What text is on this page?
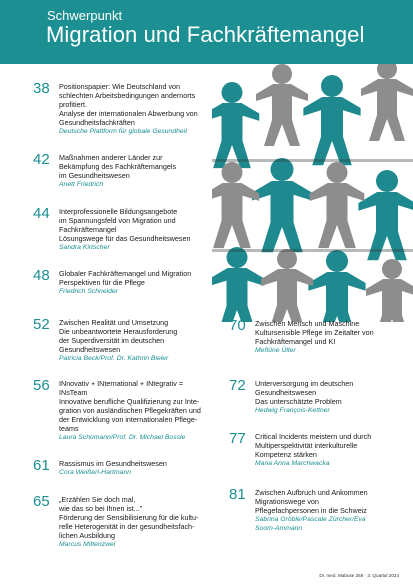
Schwerpunkt
Migration und Fachkräftemangel
38 Positionspapier: Wie Deutschland von
schlechten Arbeitsbedingungen andernorts
profitiert.
Analyse der internationalen Abwerbung von
Gesundheitsfachkräften
Deutsche Plattform für globale Gesundheit
42 Maßnahmen anderer Länder zur
Bekämpfung des Fachkräftemangels
im Gesundheitswesen
Anett Friedrich
44 Interprofessionelle Bildungsangebote
im Spannungsfeld von Migration und
Fachkräftemangel
Lösungswege für das Gesundheitswesen
Sandra Kirtscher
48 Globaler Fachkräftemangel und Migration
Perspektiven für die Pflege
Friedrich Schneider
52 Zwischen Realität und Umsetzung
Die unbeantwortete Herausforderung
der Superdiversität im deutschen
Gesundheitswesen
Patricia Beck/Prof. Dr. Kathrin Bieler
56 INnovativ + INternational + INtegrativ =
INsTeam
Innovative berufliche Qualifizierung zur Inte-
gration von ausländischen Pflegekräften und
der Entwicklung von internationalen Pflege-
teams
Laura Schümann/Prof. Dr. Michael Bossle
61 Rassismus im Gesundheitswesen
Cora Weißerl-Hartmann
65 „Erzählen Sie doch mal,
wie das so bei Ihnen ist..."
Förderung der Sensibilisierung für die kultu-
relle Heterogenität in der gesundheitsfach-
lichen Ausbildung
Marcus Mittenzwei
70 Zwischen Mensch und Maschine
Kultursensible Pflege im Zeitalter von
Fachkräftemangel und KI
Meftüne Ülter
72 Unterversorgung im deutschen
Gesundheitswesen
Das unterschätzte Problem
Hedwig François-Kettner
77 Critical Incidents meistern und durch
Multiperspektivität interkulturelle
Kompetenz stärken
Maria Anna Marchwacka
81 Zwischen Aufbruch und Ankommen
Migrationswege von
Pflegefachpersonen in die Schweiz
Sabrina Gröble/Pascale Zürcher/Eva
Soom-Ammann
Dr. med. Mabuse 269 · 3. Quartal 2024
